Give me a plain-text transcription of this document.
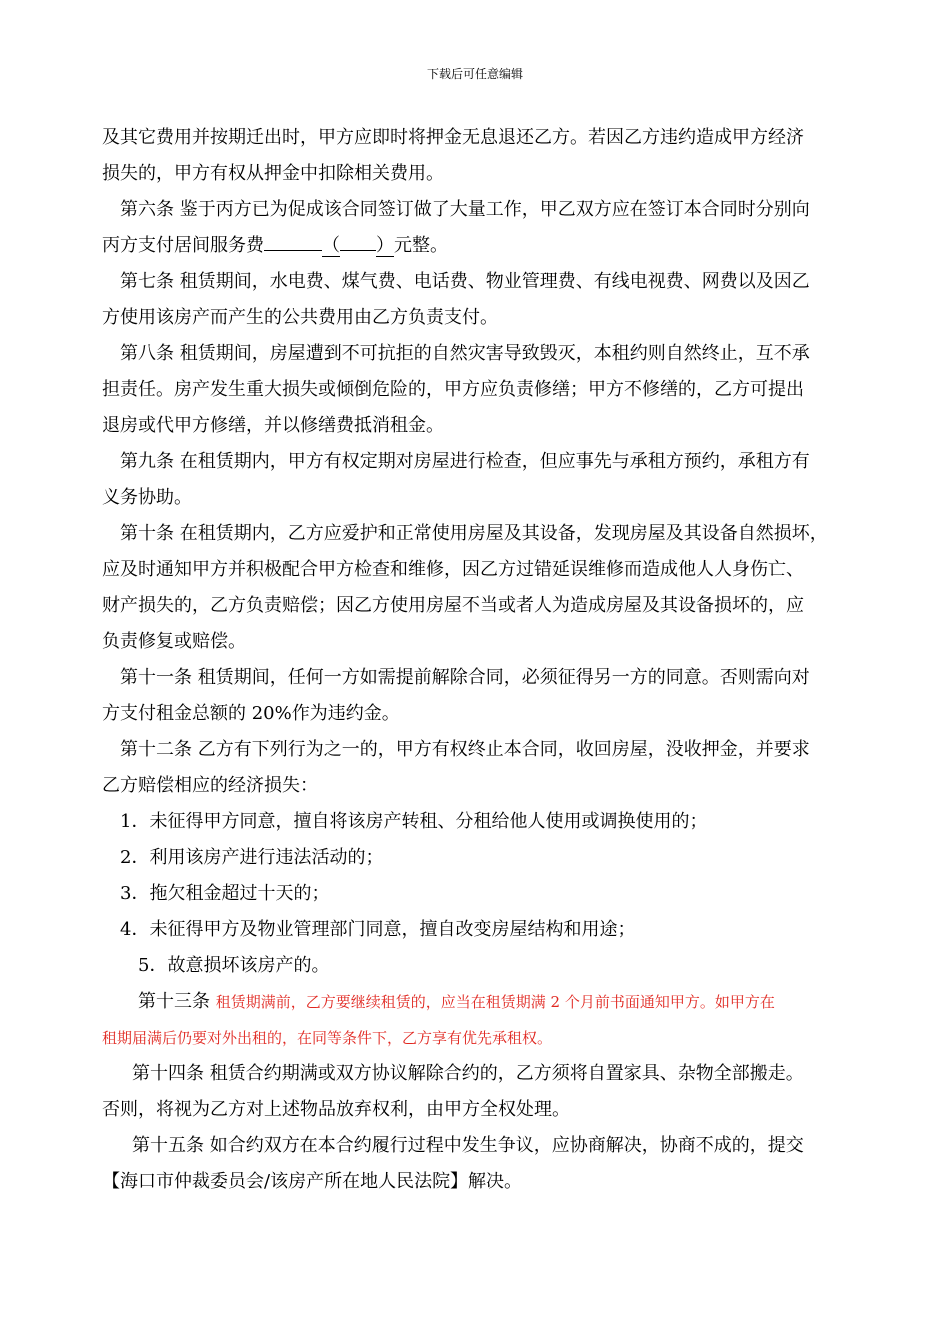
下载后可任意编辑
及其它费用并按期迁出时，甲方应即时将押金无息退还乙方。若因乙方违约造成甲方经济
损失的，甲方有权从押金中扣除相关费用。
第六条 鉴于丙方已为促成该合同签订做了大量工作，甲乙双方应在签订本合同时分别向
丙方支付居间服务费	（ ）元整。
第七条 租赁期间，水电费、煤气费、电话费、物业管理费、有线电视费、网费以及因乙
方使用该房产而产生的公共费用由乙方负责支付。
第八条 租赁期间，房屋遭到不可抗拒的自然灾害导致毁灭，本租约则自然终止，互不承
担责任。房产发生重大损失或倾倒危险的，甲方应负责修缮；甲方不修缮的，乙方可提出
退房或代甲方修缮，并以修缮费抵消租金。
第九条 在租赁期内，甲方有权定期对房屋进行检查，但应事先与承租方预约，承租方有
义务协助。
第十条 在租赁期内，乙方应爱护和正常使用房屋及其设备，发现房屋及其设备自然损坏，
应及时通知甲方并积极配合甲方检查和维修，因乙方过错延误维修而造成他人人身伤亡、
财产损失的，乙方负责赔偿；因乙方使用房屋不当或者人为造成房屋及其设备损坏的，应
负责修复或赔偿。
第十一条 租赁期间，任何一方如需提前解除合同，必须征得另一方的同意。否则需向对
方支付租金总额的 20%作为违约金。
第十二条 乙方有下列行为之一的，甲方有权终止本合同，收回房屋，没收押金，并要求
乙方赔偿相应的经济损失：
1．未征得甲方同意，擅自将该房产转租、分租给他人使用或调换使用的；
2．利用该房产进行违法活动的；
3．拖欠租金超过十天的；
4．未征得甲方及物业管理部门同意，擅自改变房屋结构和用途；
5．故意损坏该房产的。
第十三条 租赁期满前，乙方要继续租赁的，应当在租赁期满 2 个月前书面通知甲方。如甲方在
租期届满后仍要对外出租的，在同等条件下，乙方享有优先承租权。
第十四条 租赁合约期满或双方协议解除合约的，乙方须将自置家具、杂物全部搬走。
否则，将视为乙方对上述物品放弃权利，由甲方全权处理。
第十五条 如合约双方在本合约履行过程中发生争议，应协商解决，协商不成的，提交
【海口市仲裁委员会/该房产所在地人民法院】解决。
